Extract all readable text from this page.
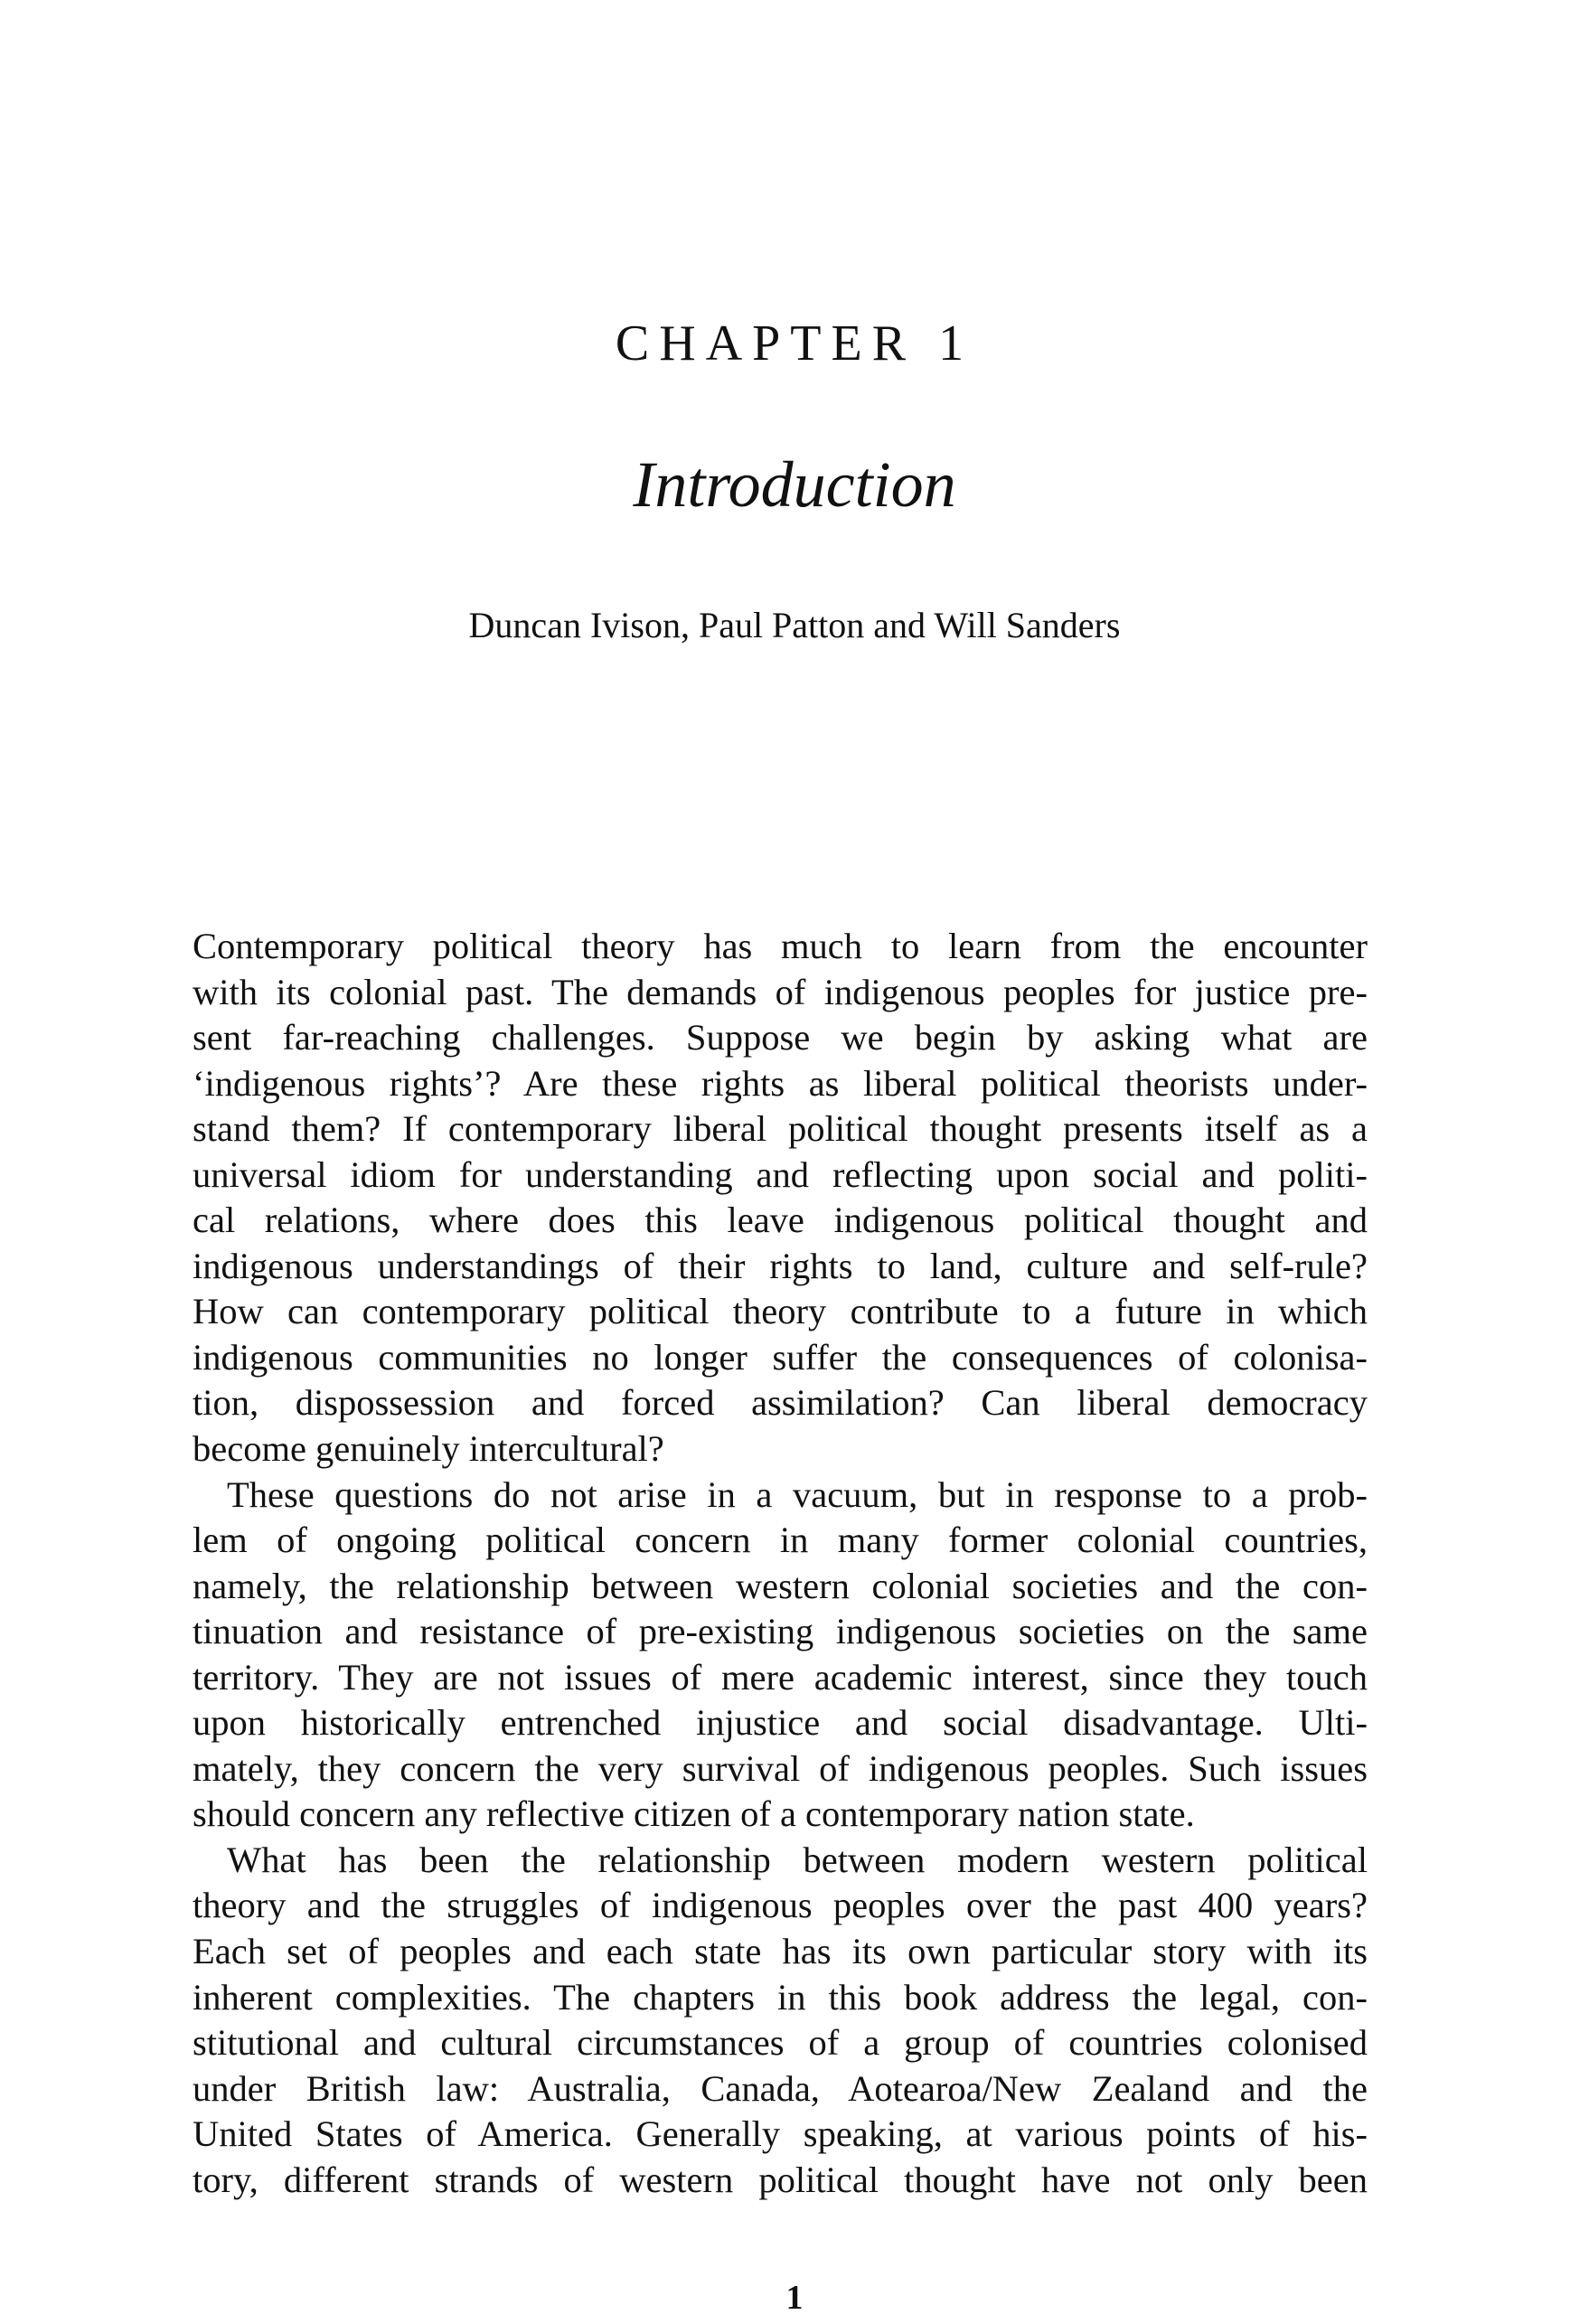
CHAPTER 1
Introduction
Duncan Ivison, Paul Patton and Will Sanders
Contemporary political theory has much to learn from the encounter
with its colonial past. The demands of indigenous peoples for justice pre-
sent far-reaching challenges. Suppose we begin by asking what are
‘indigenous rights’? Are these rights as liberal political theorists under-
stand them? If contemporary liberal political thought presents itself as a
universal idiom for understanding and reflecting upon social and politi-
cal relations, where does this leave indigenous political thought and
indigenous understandings of their rights to land, culture and self-rule?
How can contemporary political theory contribute to a future in which
indigenous communities no longer suffer the consequences of colonisa-
tion, dispossession and forced assimilation? Can liberal democracy
become genuinely intercultural?
These questions do not arise in a vacuum, but in response to a prob-
lem of ongoing political concern in many former colonial countries,
namely, the relationship between western colonial societies and the con-
tinuation and resistance of pre-existing indigenous societies on the same
territory. They are not issues of mere academic interest, since they touch
upon historically entrenched injustice and social disadvantage. Ulti-
mately, they concern the very survival of indigenous peoples. Such issues
should concern any reflective citizen of a contemporary nation state.
What has been the relationship between modern western political
theory and the struggles of indigenous peoples over the past 400 years?
Each set of peoples and each state has its own particular story with its
inherent complexities. The chapters in this book address the legal, con-
stitutional and cultural circumstances of a group of countries colonised
under British law: Australia, Canada, Aotearoa/New Zealand and the
United States of America. Generally speaking, at various points of his-
tory, different strands of western political thought have not only been
1
